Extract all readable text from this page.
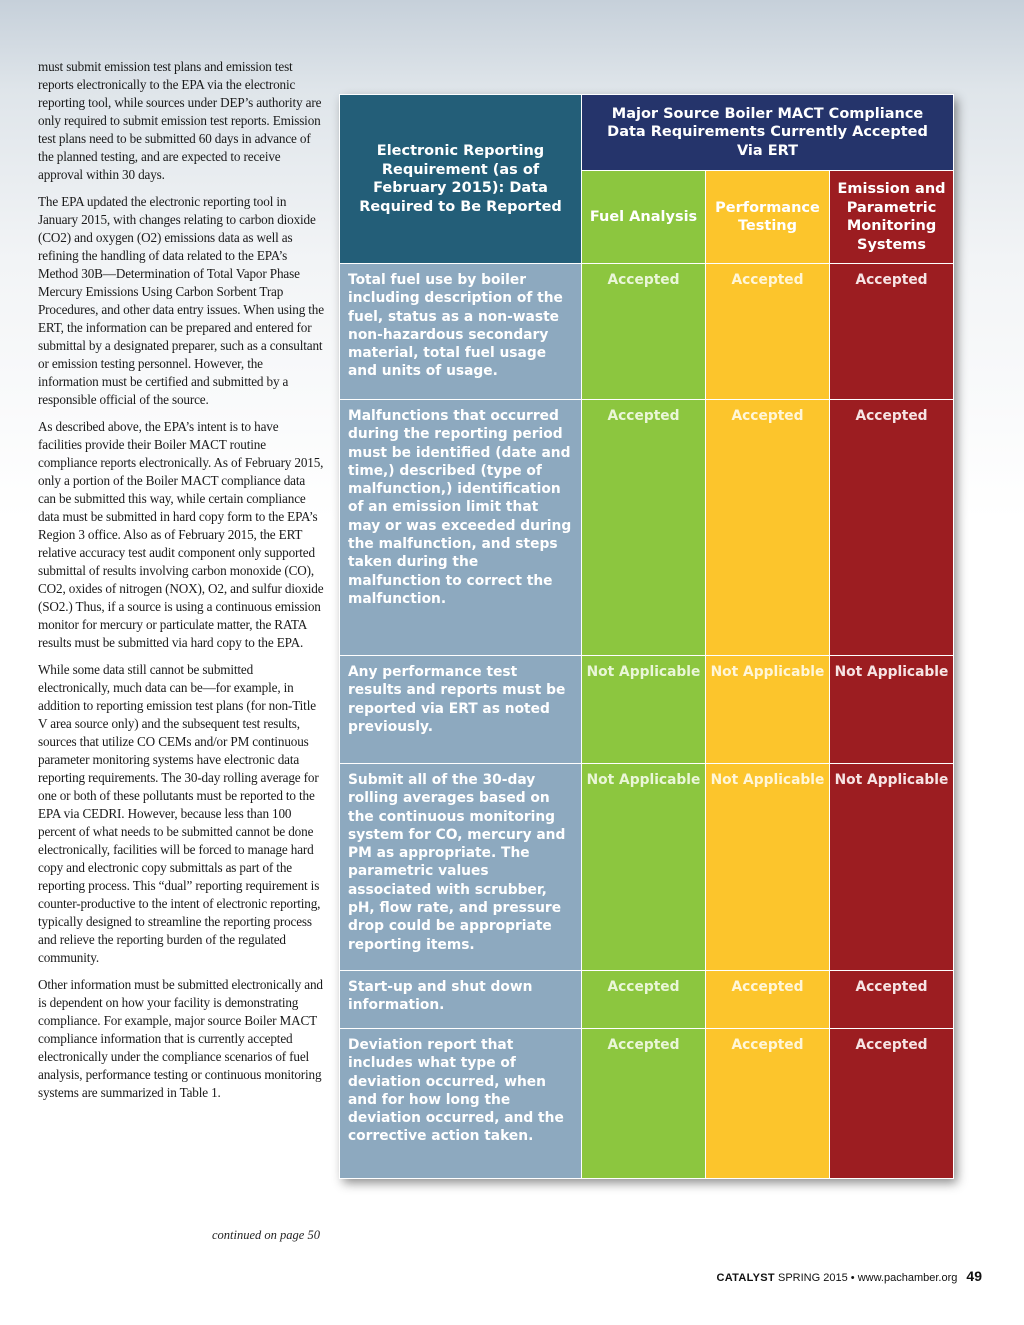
must submit emission test plans and emission test reports electronically to the EPA via the electronic reporting tool, while sources under DEP’s authority are only required to submit emission test reports. Emission test plans need to be submitted 60 days in advance of the planned testing, and are expected to receive approval within 30 days.

The EPA updated the electronic reporting tool in January 2015, with changes relating to carbon dioxide (CO2) and oxygen (O2) emissions data as well as refining the handling of data related to the EPA’s Method 30B—Determination of Total Vapor Phase Mercury Emissions Using Carbon Sorbent Trap Procedures, and other data entry issues. When using the ERT, the information can be prepared and entered for submittal by a designated preparer, such as a consultant or emission testing personnel. However, the information must be certified and submitted by a responsible official of the source.

As described above, the EPA’s intent is to have facilities provide their Boiler MACT routine compliance reports electronically. As of February 2015, only a portion of the Boiler MACT compliance data can be submitted this way, while certain compliance data must be submitted in hard copy form to the EPA’s Region 3 office. Also as of February 2015, the ERT relative accuracy test audit component only supported submittal of results involving carbon monoxide (CO), CO2, oxides of nitrogen (NOX), O2, and sulfur dioxide (SO2.) Thus, if a source is using a continuous emission monitor for mercury or particulate matter, the RATA results must be submitted via hard copy to the EPA.

While some data still cannot be submitted electronically, much data can be—for example, in addition to reporting emission test plans (for non-Title V area source only) and the subsequent test results, sources that utilize CO CEMs and/or PM continuous parameter monitoring systems have electronic data reporting requirements. The 30-day rolling average for one or both of these pollutants must be reported to the EPA via CEDRI. However, because less than 100 percent of what needs to be submitted cannot be done electronically, facilities will be forced to manage hard copy and electronic copy submittals as part of the reporting process. This “dual” reporting requirement is counter-productive to the intent of electronic reporting, typically designed to streamline the reporting process and relieve the reporting burden of the regulated community.

Other information must be submitted electronically and is dependent on how your facility is demonstrating compliance. For example, major source Boiler MACT compliance information that is currently accepted electronically under the compliance scenarios of fuel analysis, performance testing or continuous monitoring systems are summarized in Table 1.

continued on page 50
Electronic Reporting Requirement (as of February 2015): Data Required to Be Reported	Major Source Boiler MACT Compliance Data Requirements Currently Accepted Via ERT		
	Fuel Analysis	Performance Testing	Emission and Parametric Monitoring Systems
Total fuel use by boiler including description of the fuel, status as a non-waste non-hazardous secondary material, total fuel usage and units of usage.	Accepted	Accepted	Accepted
Malfunctions that occurred during the reporting period must be identified (date and time,) described (type of malfunction,) identification of an emission limit that may or was exceeded during the malfunction, and steps taken during the malfunction to correct the malfunction.	Accepted	Accepted	Accepted
Any performance test results and reports must be reported via ERT as noted previously.	Not Applicable	Not Applicable	Not Applicable
Submit all of the 30-day rolling averages based on the continuous monitoring system for CO, mercury and PM as appropriate. The parametric values associated with scrubber, pH, flow rate, and pressure drop could be appropriate reporting items.	Not Applicable	Not Applicable	Not Applicable
Start-up and shut down information.	Accepted	Accepted	Accepted
Deviation report that includes what type of deviation occurred, when and for how long the deviation occurred, and the corrective action taken.	Accepted	Accepted	Accepted
CATALYST SPRING 2015 • www.pachamber.org 49
